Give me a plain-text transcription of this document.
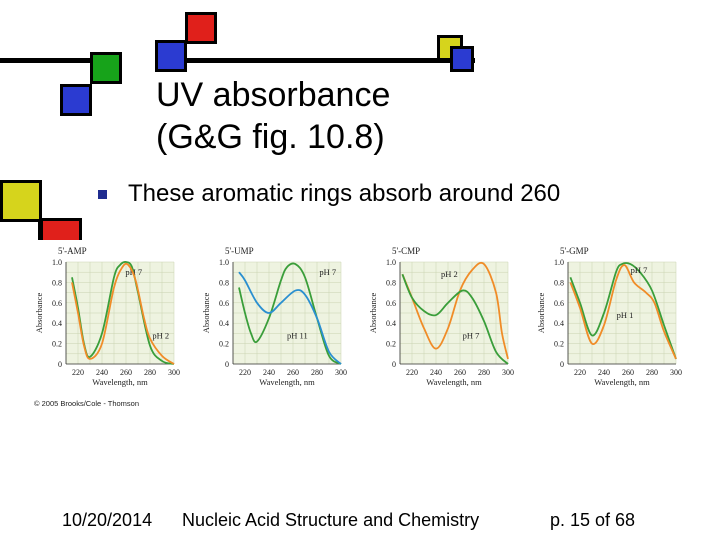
UV absorbance
(G&G fig. 10.8)
These aromatic rings absorb around 260
5'-AMP
0
0.2
0.4
0.6
0.8
1.0
220 240 260 280 300
Wavelength, nm
Absorbance
pH 7
pH 2
5'-UMP
0
0.2
0.4
0.6
0.8
1.0
220 240 260 280 300
Wavelength, nm
Absorbance
pH 7
pH 11
5'-CMP
0
0.2
0.4
0.6
0.8
1.0
220 240 260 280 300
Wavelength, nm
Absorbance
pH 2
pH 7
5'-GMP
0
0.2
0.4
0.6
0.8
1.0
220 240 260 280 300
Wavelength, nm
Absorbance
pH 7
pH 1
© 2005 Brooks/Cole - Thomson
10/20/2014 Nucleic Acid Structure and Chemistry	p. 15 of 68
